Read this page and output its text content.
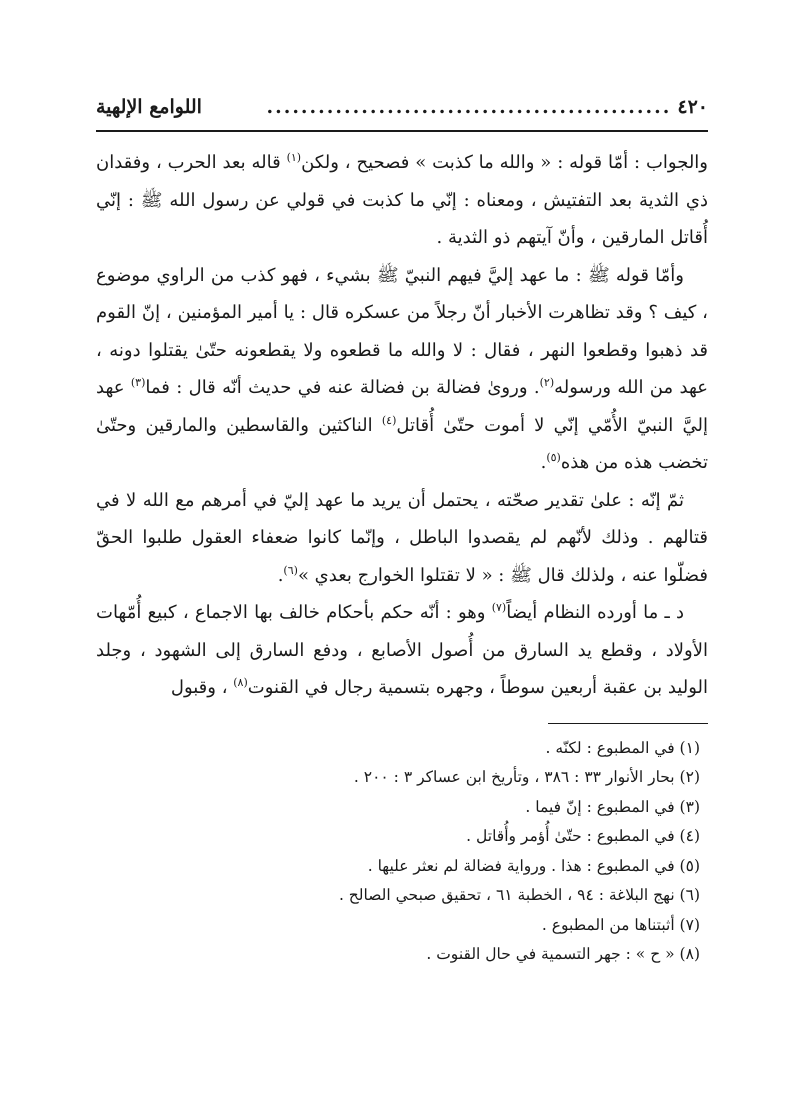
٤٢٠
...............................................
اللوامع الإلهية

والجواب : أمّا قوله : « والله ما كذبت » فصحيح ، ولكن$^{(١)}$ قاله بعد الحرب ، وفقدان ذي الثدية بعد التفتيش ، ومعناه : إنّي ما كذبت في قولي عن رسول الله ﷺ : إنّي أُقاتل المارقين ، وأنّ آيتهم ذو الثدية .

وأمّا قوله ﷺ : ما عهد إليَّ فيهم النبيّ ﷺ بشيء ، فهو كذب من الراوي موضوع ، كيف ؟ وقد تظاهرت الأخبار أنّ رجلاً من عسكره قال : يا أمير المؤمنين ، إنّ القوم قد ذهبوا وقطعوا النهر ، فقال : لا والله ما قطعوه ولا يقطعونه حتّىٰ يقتلوا دونه ، عهد من الله ورسوله$^{(٢)}$. وروىٰ فضالة بن فضالة عنه في حديث أنّه قال : فما$^{(٣)}$ عهد إليَّ النبيّ الأُمّي إنّي لا أموت حتّىٰ أُقاتل$^{(٤)}$ الناكثين والقاسطين والمارقين وحتّىٰ تخضب هذه من هذه$^{(٥)}$.

ثمّ إنّه : علىٰ تقدير صحّته ، يحتمل أن يريد ما عهد إليّ في أمرهم مع الله لا في قتالهم . وذلك لأنّهم لم يقصدوا الباطل ، وإنّما كانوا ضعفاء العقول طلبوا الحقّ فضلّوا عنه ، ولذلك قال ﷺ : « لا تقتلوا الخوارج بعدي »$^{(٦)}$.

د ـ ما أورده النظام أيضاً$^{(٧)}$ وهو : أنّه حكم بأحكام خالف بها الاجماع ، كبيع أُمّهات الأولاد ، وقطع يد السارق من أُصول الأصابع ، ودفع السارق إلى الشهود ، وجلد الوليد بن عقبة أربعين سوطاً ، وجهره بتسمية رجال في القنوت$^{(٨)}$ ، وقبول

(١) في المطبوع : لكنّه .
(٢) بحار الأنوار ٣٣ : ٣٨٦ ، وتأريخ ابن عساكر ٣ : ٢٠٠ .
(٣) في المطبوع : إنّ فيما .
(٤) في المطبوع : حتّىٰ أُؤمر وأُقاتل .
(٥) في المطبوع : هذا . ورواية فضالة لم نعثر عليها .
(٦) نهج البلاغة : ٩٤ ، الخطبة ٦١ ، تحقيق صبحي الصالح .
(٧) أثبتناها من المطبوع .
(٨) « ح » : جهر التسمية في حال القنوت .
